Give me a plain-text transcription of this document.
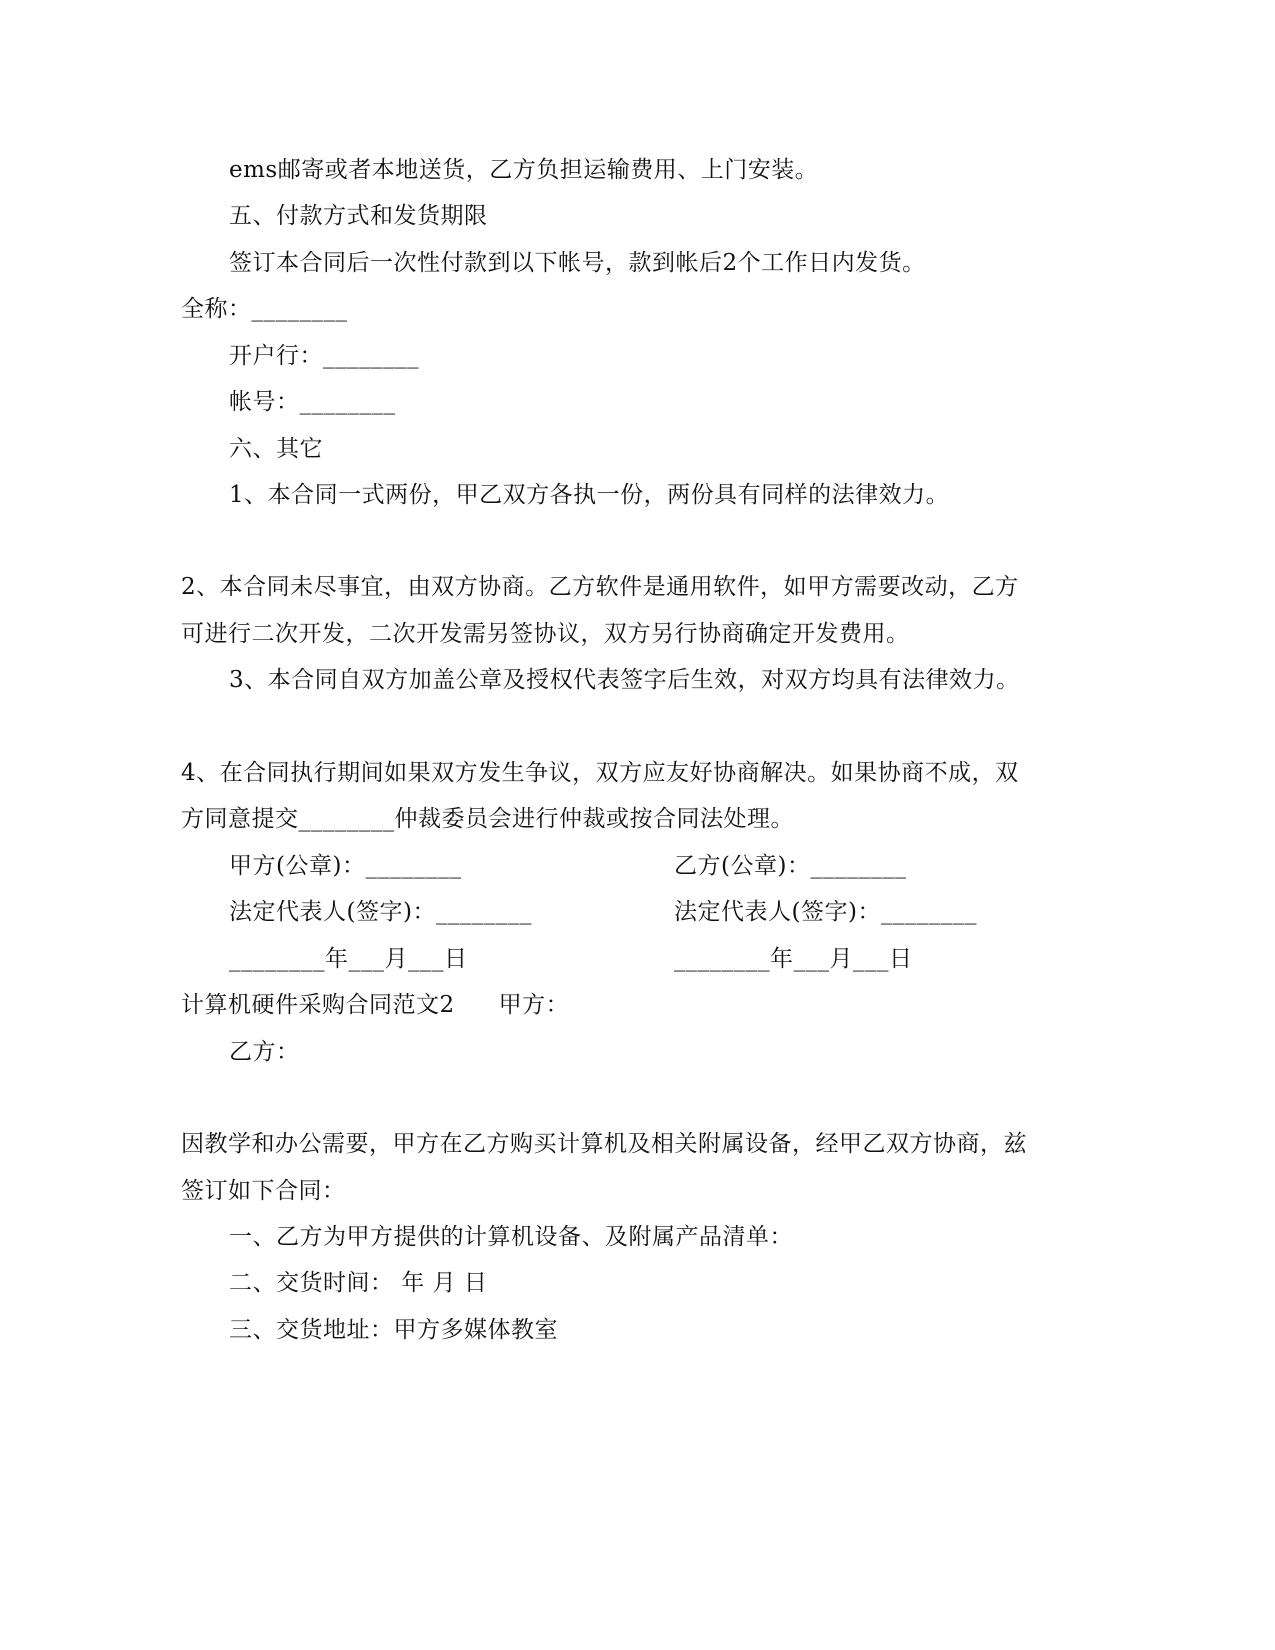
ems邮寄或者本地送货，乙方负担运输费用、上门安装。
五、付款方式和发货期限
签订本合同后一次性付款到以下帐号，款到帐后2个工作日内发货。
全称：________
开户行：________
帐号：________
六、其它
1、本合同一式两份，甲乙双方各执一份，两份具有同样的法律效力。
2、本合同未尽事宜，由双方协商。乙方软件是通用软件，如甲方需要改动，乙方
可进行二次开发，二次开发需另签协议，双方另行协商确定开发费用。
3、本合同自双方加盖公章及授权代表签字后生效，对双方均具有法律效力。
4、在合同执行期间如果双方发生争议，双方应友好协商解决。如果协商不成，双
方同意提交________仲裁委员会进行仲裁或按合同法处理。
甲方(公章)：________	乙方(公章)：________
法定代表人(签字)：________	法定代表人(签字)：________
________年___月___日	________年___月___日
计算机硬件采购合同范文2 甲方：
乙方：
因教学和办公需要，甲方在乙方购买计算机及相关附属设备，经甲乙双方协商，兹
签订如下合同：
一、乙方为甲方提供的计算机设备、及附属产品清单：
二、交货时间： 年 月 日
三、交货地址：甲方多媒体教室
